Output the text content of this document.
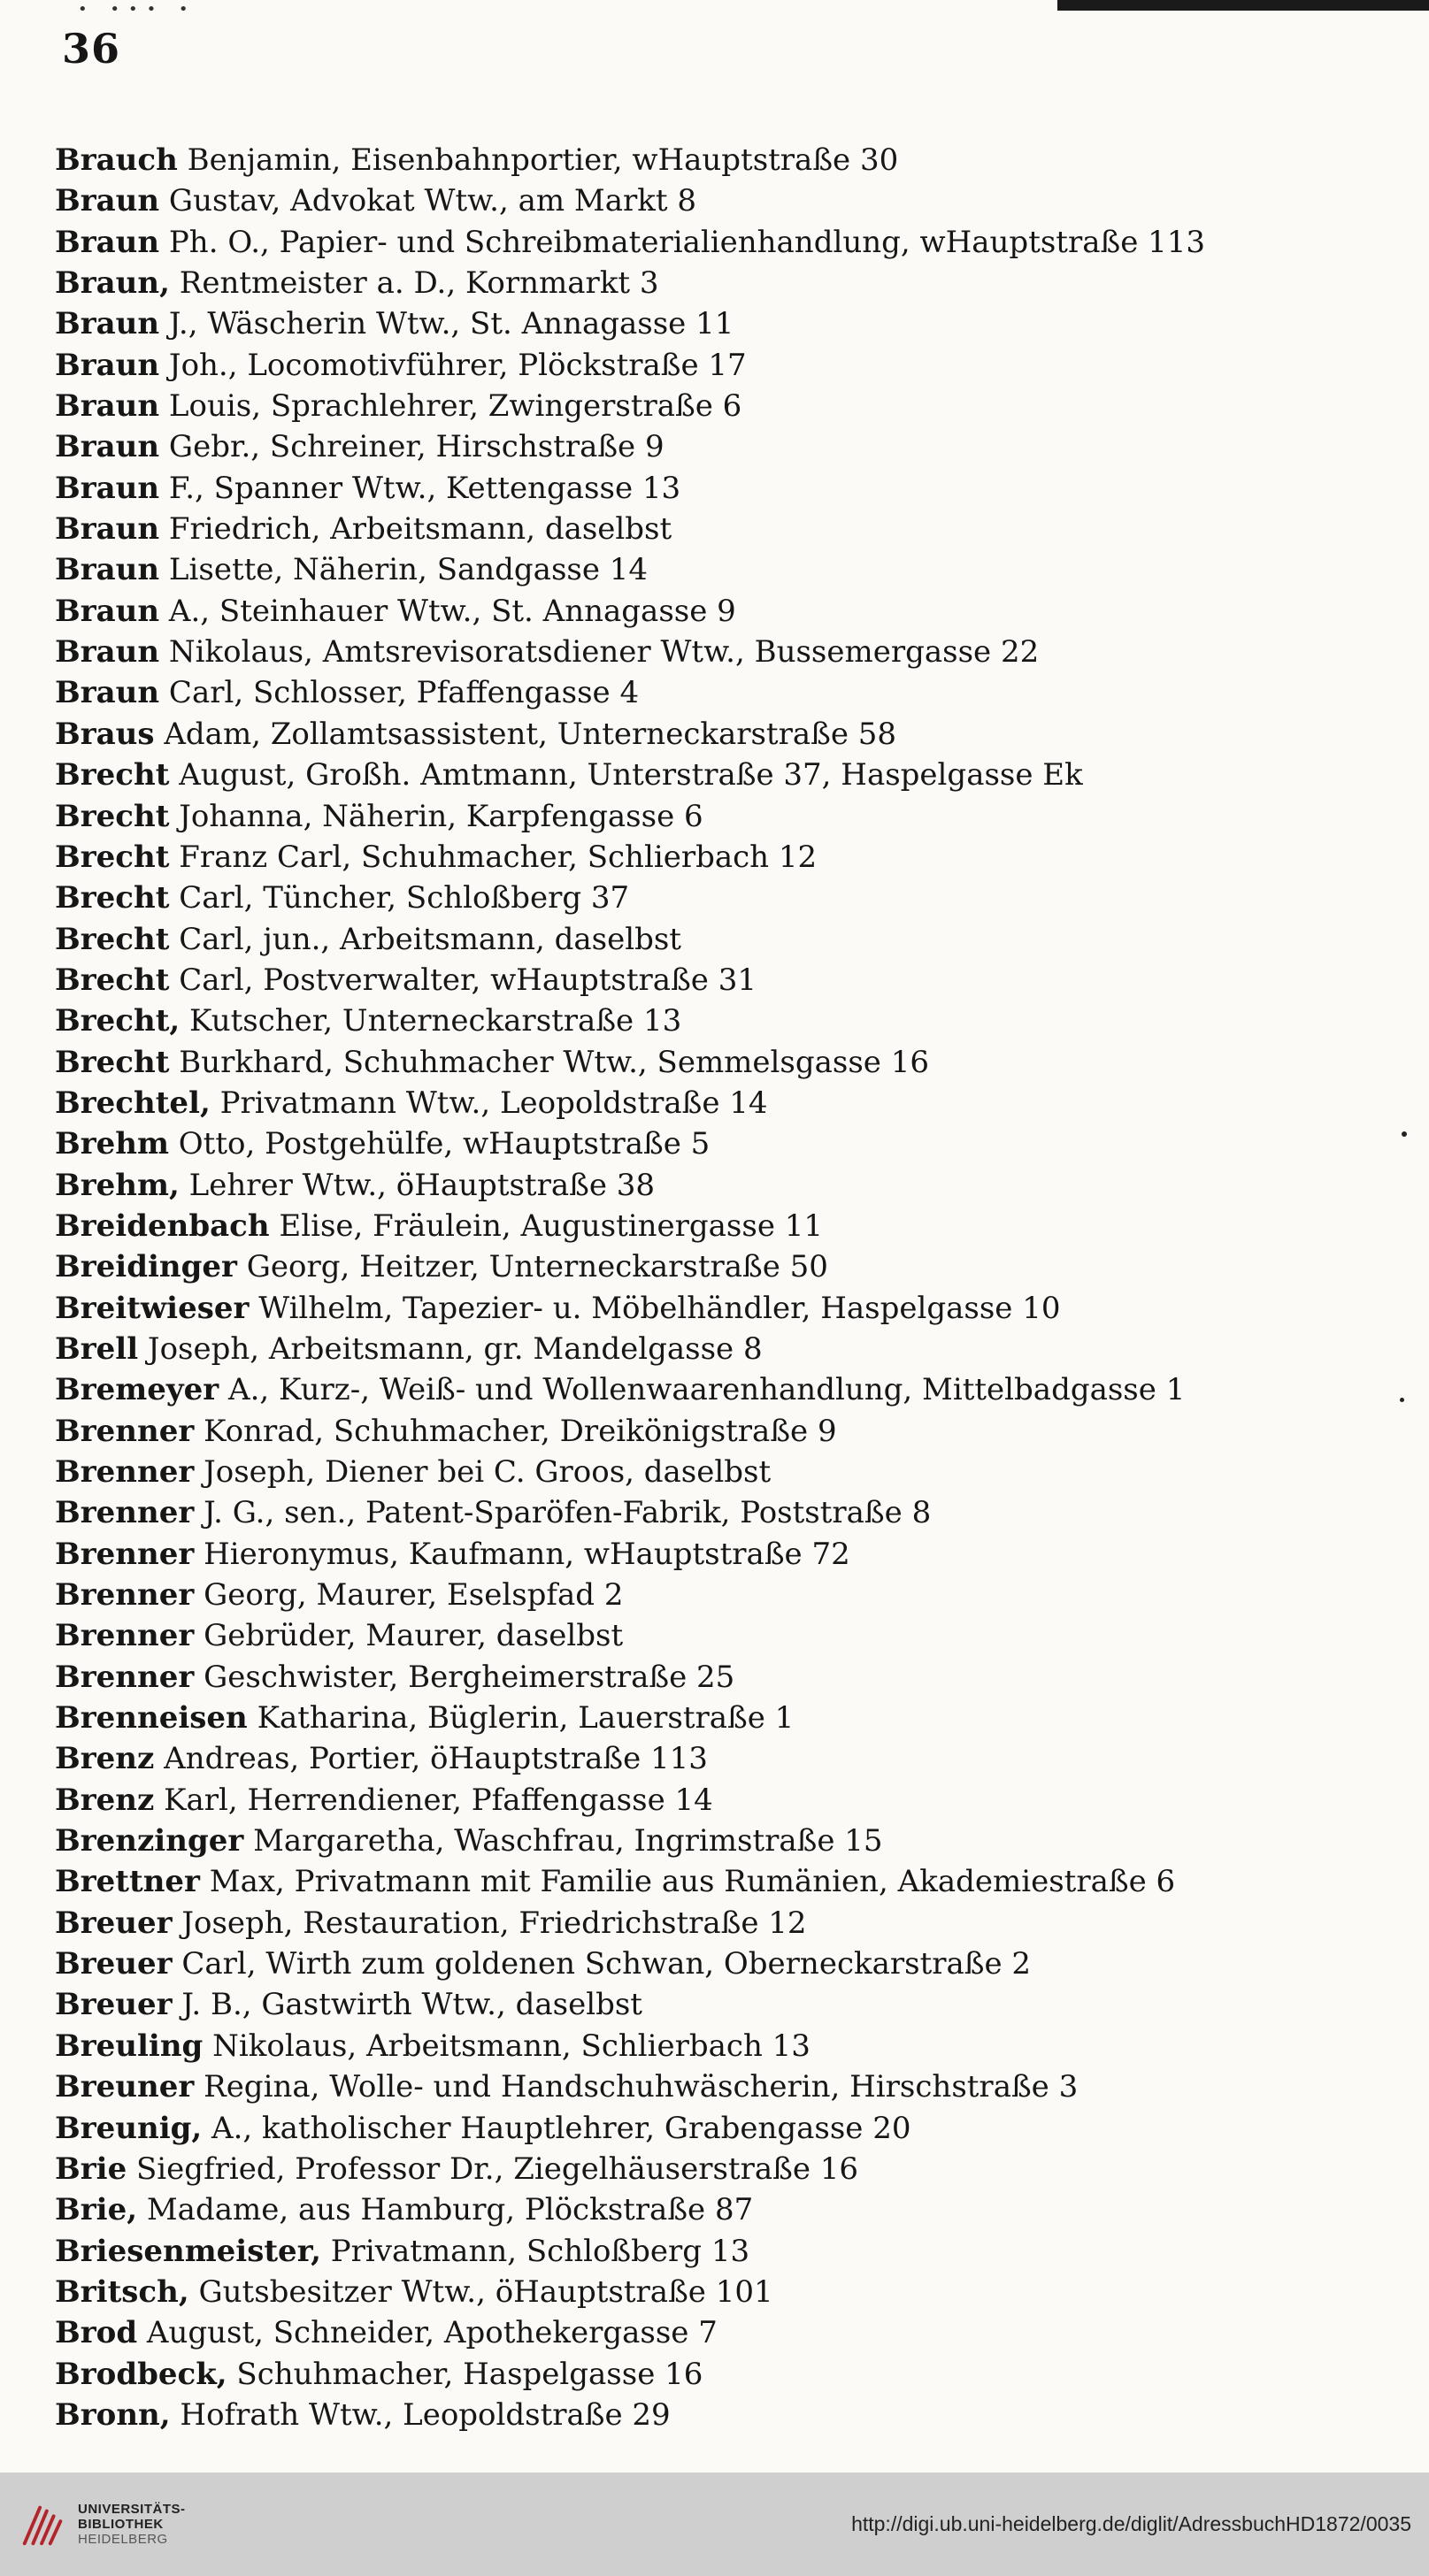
• ••• •
36
Brauch Benjamin, Eisenbahnportier, wHauptstraße 30
Braun Gustav, Advokat Wtw., am Markt 8
Braun Ph. O., Papier- und Schreibmaterialienhandlung, wHauptstraße 113
Braun, Rentmeister a. D., Kornmarkt 3
Braun J., Wäscherin Wtw., St. Annagasse 11
Braun Joh., Locomotivführer, Plöckstraße 17
Braun Louis, Sprachlehrer, Zwingerstraße 6
Braun Gebr., Schreiner, Hirschstraße 9
Braun F., Spanner Wtw., Kettengasse 13
Braun Friedrich, Arbeitsmann, daselbst
Braun Lisette, Näherin, Sandgasse 14
Braun A., Steinhauer Wtw., St. Annagasse 9
Braun Nikolaus, Amtsrevisoratsdiener Wtw., Bussemergasse 22
Braun Carl, Schlosser, Pfaffengasse 4
Braus Adam, Zollamtsassistent, Unterneckarstraße 58
Brecht August, Großh. Amtmann, Unterstraße 37, Haspelgasse Ek
Brecht Johanna, Näherin, Karpfengasse 6
Brecht Franz Carl, Schuhmacher, Schlierbach 12
Brecht Carl, Tüncher, Schloßberg 37
Brecht Carl, jun., Arbeitsmann, daselbst
Brecht Carl, Postverwalter, wHauptstraße 31
Brecht, Kutscher, Unterneckarstraße 13
Brecht Burkhard, Schuhmacher Wtw., Semmelsgasse 16
Brechtel, Privatmann Wtw., Leopoldstraße 14
Brehm Otto, Postgehülfe, wHauptstraße 5
Brehm, Lehrer Wtw., öHauptstraße 38
Breidenbach Elise, Fräulein, Augustinergasse 11
Breidinger Georg, Heitzer, Unterneckarstraße 50
Breitwieser Wilhelm, Tapezier- u. Möbelhändler, Haspelgasse 10
Brell Joseph, Arbeitsmann, gr. Mandelgasse 8
Bremeyer A., Kurz-, Weiß- und Wollenwaarenhandlung, Mittelbadgasse 1
Brenner Konrad, Schuhmacher, Dreikönigstraße 9
Brenner Joseph, Diener bei C. Groos, daselbst
Brenner J. G., sen., Patent-Sparöfen-Fabrik, Poststraße 8
Brenner Hieronymus, Kaufmann, wHauptstraße 72
Brenner Georg, Maurer, Eselspfad 2
Brenner Gebrüder, Maurer, daselbst
Brenner Geschwister, Bergheimerstraße 25
Brenneisen Katharina, Büglerin, Lauerstraße 1
Brenz Andreas, Portier, öHauptstraße 113
Brenz Karl, Herrendiener, Pfaffengasse 14
Brenzinger Margaretha, Waschfrau, Ingrimstraße 15
Brettner Max, Privatmann mit Familie aus Rumänien, Akademiestraße 6
Breuer Joseph, Restauration, Friedrichstraße 12
Breuer Carl, Wirth zum goldenen Schwan, Oberneckarstraße 2
Breuer J. B., Gastwirth Wtw., daselbst
Breuling Nikolaus, Arbeitsmann, Schlierbach 13
Breuner Regina, Wolle- und Handschuhwäscherin, Hirschstraße 3
Breunig, A., katholischer Hauptlehrer, Grabengasse 20
Brie Siegfried, Professor Dr., Ziegelhäuserstraße 16
Brie, Madame, aus Hamburg, Plöckstraße 87
Briesenmeister, Privatmann, Schloßberg 13
Britsch, Gutsbesitzer Wtw., öHauptstraße 101
Brod August, Schneider, Apothekergasse 7
Brodbeck, Schuhmacher, Haspelgasse 16
Bronn, Hofrath Wtw., Leopoldstraße 29
UNIVERSITÄTS-
BIBLIOTHEK
HEIDELBERG
http://digi.ub.uni-heidelberg.de/diglit/AdressbuchHD1872/0035
